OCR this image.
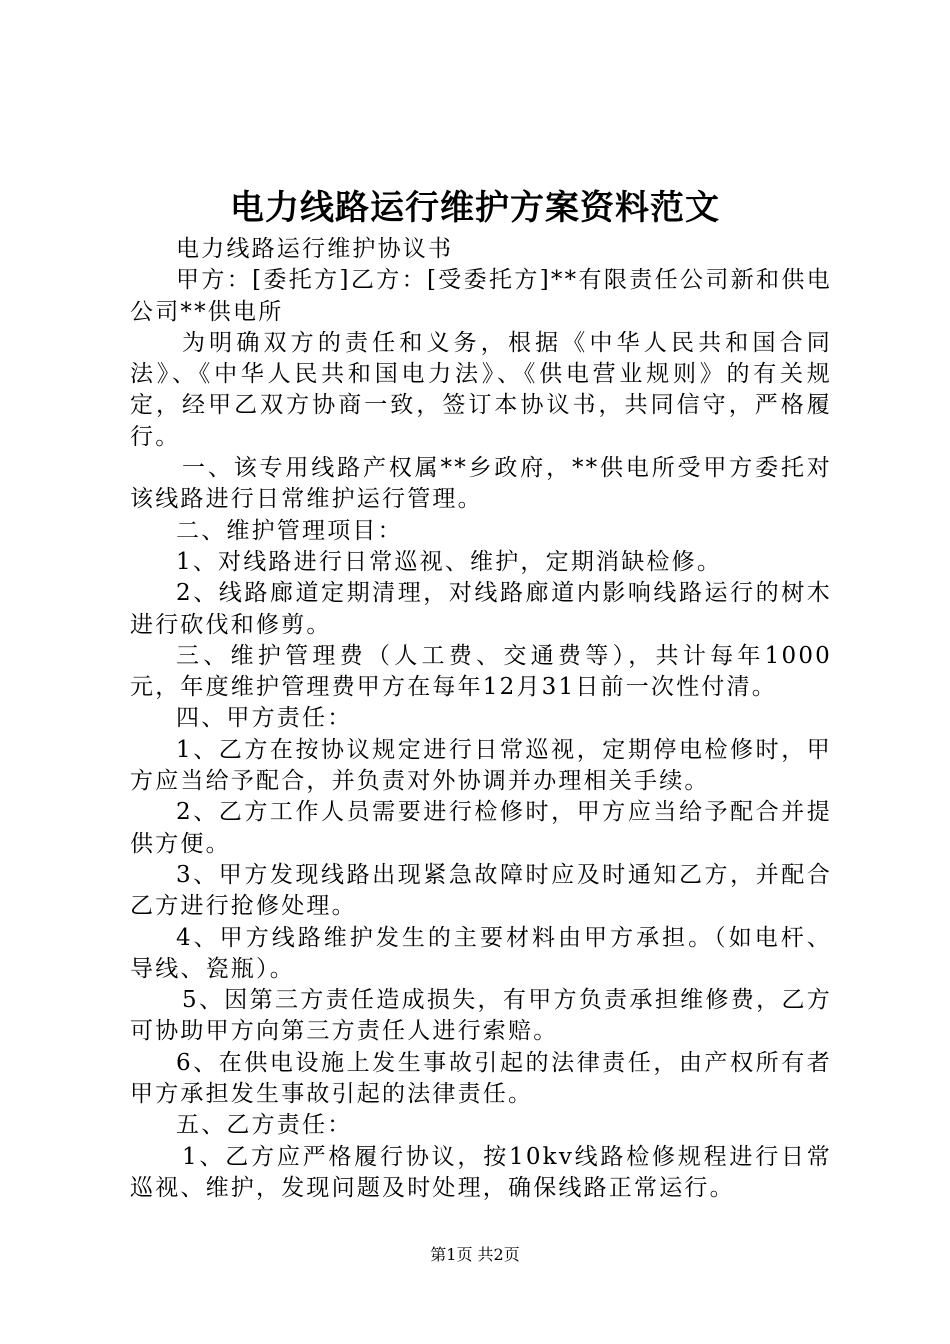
电力线路运行维护方案资料范文

电力线路运行维护协议书

甲方：[委托方]乙方：[受委托方]**有限责任公司新和供电公司**供电所

为明确双方的责任和义务，根据《中华人民共和国合同法》、《中华人民共和国电力法》、《供电营业规则》的有关规定，经甲乙双方协商一致，签订本协议书，共同信守，严格履行。

一、该专用线路产权属**乡政府，**供电所受甲方委托对该线路进行日常维护运行管理。

二、维护管理项目：

1、对线路进行日常巡视、维护，定期消缺检修。

2、线路廊道定期清理，对线路廊道内影响线路运行的树木进行砍伐和修剪。

三、维护管理费（人工费、交通费等），共计每年1000元，年度维护管理费甲方在每年12月31日前一次性付清。

四、甲方责任：

1、乙方在按协议规定进行日常巡视，定期停电检修时，甲方应当给予配合，并负责对外协调并办理相关手续。

2、乙方工作人员需要进行检修时，甲方应当给予配合并提供方便。

3、甲方发现线路出现紧急故障时应及时通知乙方，并配合乙方进行抢修处理。

4、甲方线路维护发生的主要材料由甲方承担。（如电杆、导线、瓷瓶）。

5、因第三方责任造成损失，有甲方负责承担维修费，乙方可协助甲方向第三方责任人进行索赔。

6、在供电设施上发生事故引起的法律责任，由产权所有者甲方承担发生事故引起的法律责任。

五、乙方责任：

1、乙方应严格履行协议，按10kv线路检修规程进行日常巡视、维护，发现问题及时处理，确保线路正常运行。

第1页 共2页
